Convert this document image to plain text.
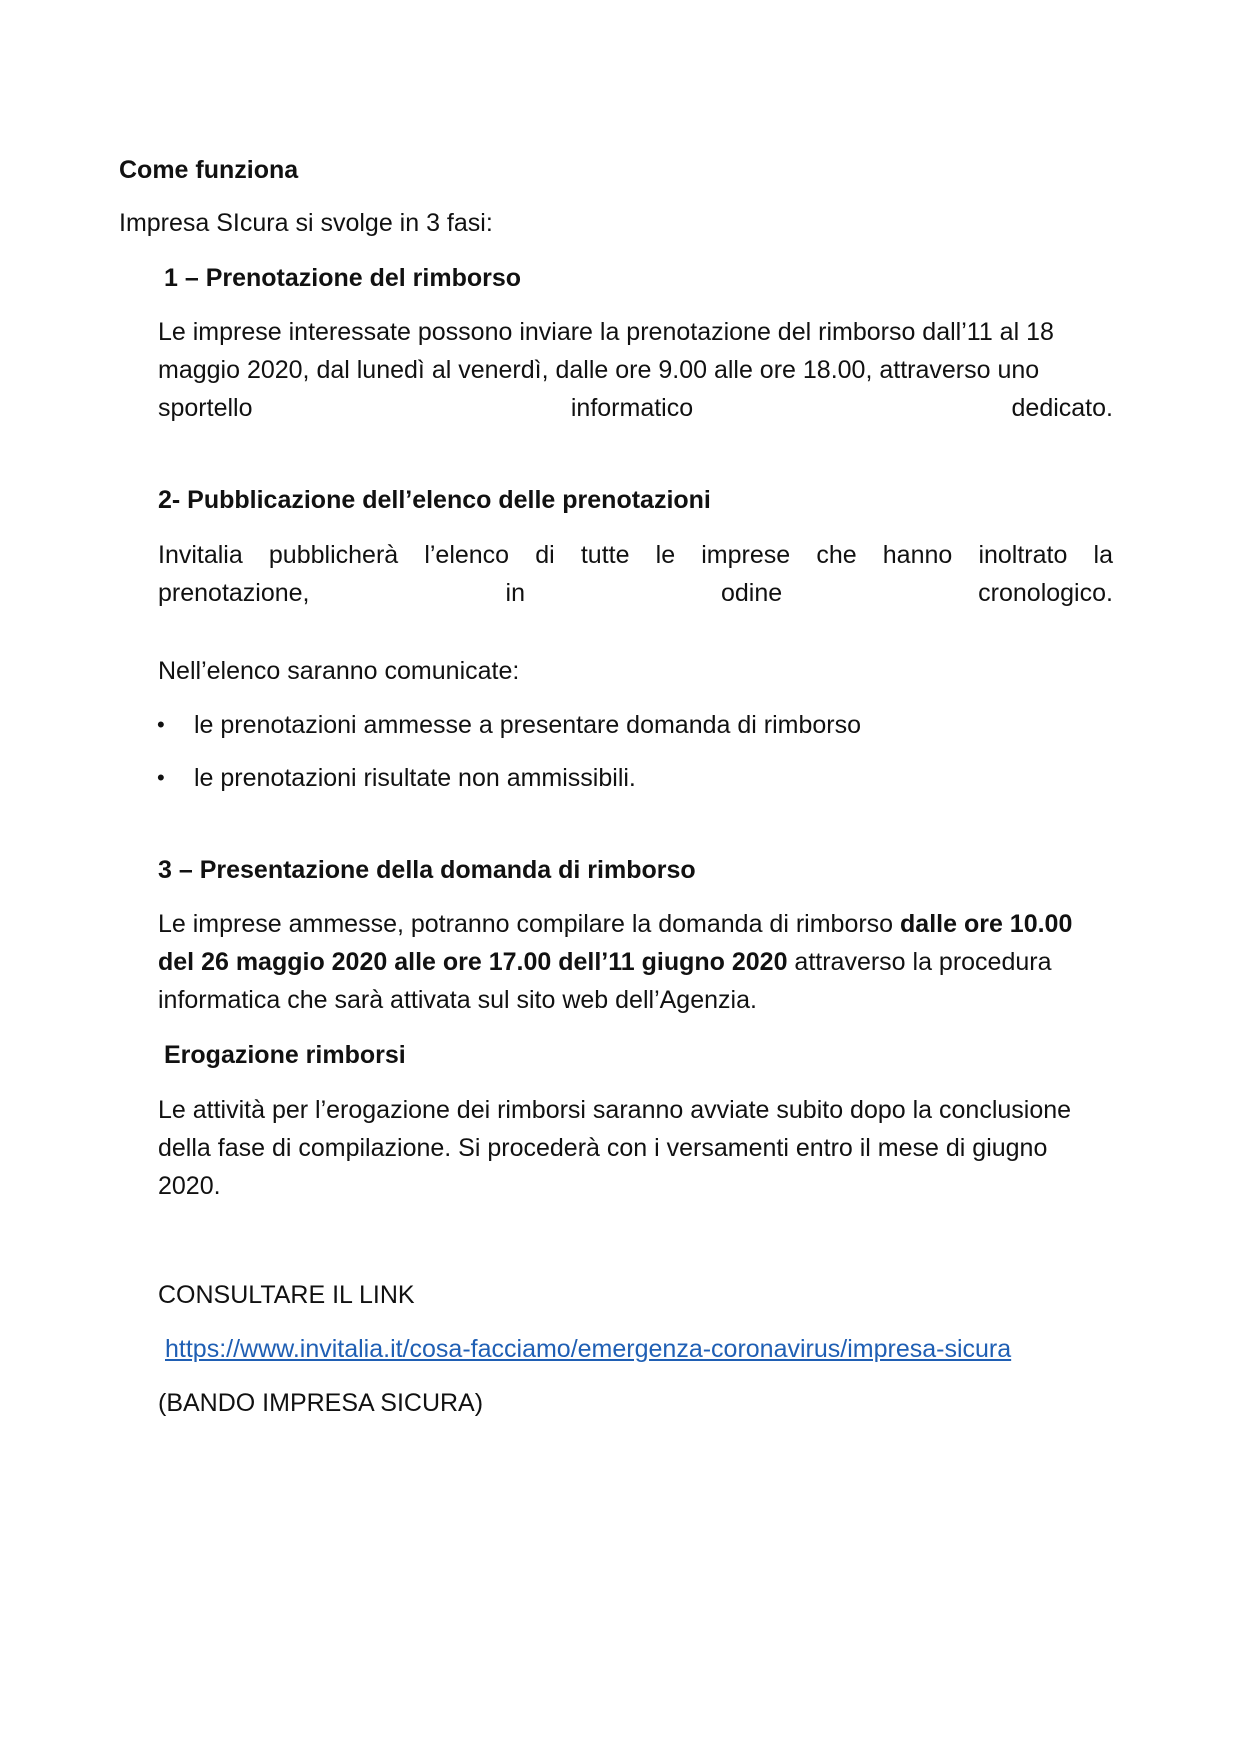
Come funziona
Impresa SIcura si svolge in 3 fasi:
1 – Prenotazione del rimborso
Le imprese interessate possono inviare la prenotazione del rimborso dall’11 al 18
maggio 2020, dal lunedì al venerdì, dalle ore 9.00 alle ore 18.00, attraverso uno
sportello	informatico	dedicato.
2- Pubblicazione dell’elenco delle prenotazioni
Invitalia pubblicherà l’elenco di tutte le imprese che hanno inoltrato la
prenotazione,	in	odine	cronologico.
Nell’elenco saranno comunicate:
• le prenotazioni ammesse a presentare domanda di rimborso
• le prenotazioni risultate non ammissibili.
3 – Presentazione della domanda di rimborso
Le imprese ammesse, potranno compilare la domanda di rimborso dalle ore 10.00
del 26 maggio 2020 alle ore 17.00 dell’11 giugno 2020 attraverso la procedura
informatica che sarà attivata sul sito web dell’Agenzia.
Erogazione rimborsi
Le attività per l’erogazione dei rimborsi saranno avviate subito dopo la conclusione
della fase di compilazione. Si procederà con i versamenti entro il mese di giugno
2020.
CONSULTARE IL LINK
https://www.invitalia.it/cosa-facciamo/emergenza-coronavirus/impresa-sicura
(BANDO IMPRESA SICURA)
